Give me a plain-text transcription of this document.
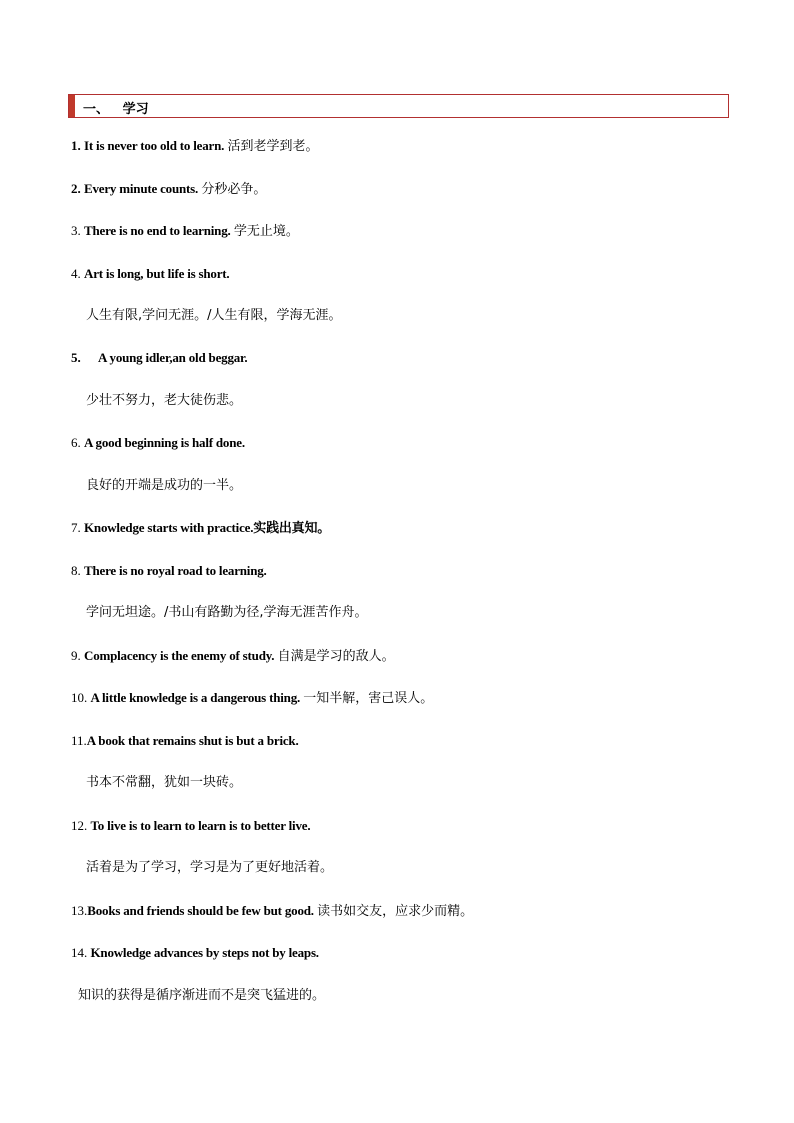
一、   学习
1. It is never too old to learn. 活到老学到老。
2. Every minute counts. 分秒必争。
3. There is no end to learning. 学无止境。
4. Art is long, but life is short.
人生有限,学问无涯。/人生有限，学海无涯。
5. A young idler,an old beggar.
少壮不努力，老大徒伤悲。
6. A good beginning is half done.
良好的开端是成功的一半。
7. Knowledge starts with practice.实践出真知。
8. There is no royal road to learning.
学问无坦途。/书山有路勤为径,学海无涯苦作舟。
9. Complacency is the enemy of study. 自满是学习的敌人。
10. A little knowledge is a dangerous thing. 一知半解，害己误人。
11.A book that remains shut is but a brick.
书本不常翻，犹如一块砖。
12. To live is to learn to learn is to better live.
活着是为了学习，学习是为了更好地活着。
13.Books and friends should be few but good. 读书如交友，应求少而精。
14. Knowledge advances by steps not by leaps.
知识的获得是循序渐进而不是突飞猛进的。
